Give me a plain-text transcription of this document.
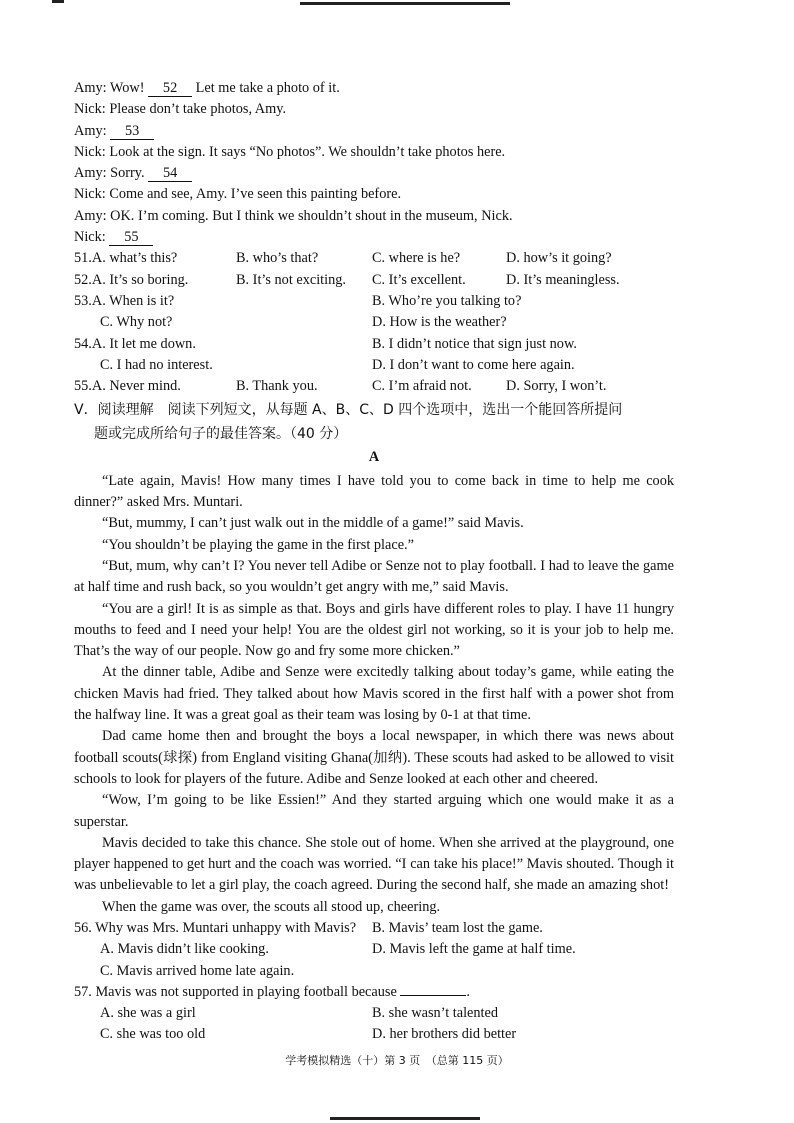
Amy: Wow! 52 Let me take a photo of it.
Nick: Please don’t take photos, Amy.
Amy: 53
Nick: Look at the sign. It says “No photos”. We shouldn’t take photos here.
Amy: Sorry. 54
Nick: Come and see, Amy. I’ve seen this painting before.
Amy: OK. I’m coming. But I think we shouldn’t shout in the museum, Nick.
Nick: 55
51.A. what’s this?	B. who’s that?	C. where is he?	D. how’s it going?
52.A. It’s so boring.	B. It’s not exciting.	C. It’s excellent.	D. It’s meaningless.
53.A. When is it?	B. Who’re you talking to?
C. Why not?	D. How is the weather?
54.A. It let me down.	B. I didn’t notice that sign just now.
C. I had no interest.	D. I don’t want to come here again.
55.A. Never mind.	B. Thank you.	C. I’m afraid not.	D. Sorry, I won’t.
V．阅读理解　阅读下列短文，从每题 A、B、C、D 四个选项中，选出一个能回答所提问
题或完成所给句子的最佳答案。（40 分）
A
“Late again, Mavis! How many times I have told you to come back in time to help me cook dinner?” asked Mrs. Muntari.
“But, mummy, I can’t just walk out in the middle of a game!” said Mavis.
“You shouldn’t be playing the game in the first place.”
“But, mum, why can’t I? You never tell Adibe or Senze not to play football. I had to leave the game at half time and rush back, so you wouldn’t get angry with me,” said Mavis.
“You are a girl! It is as simple as that. Boys and girls have different roles to play. I have 11 hungry mouths to feed and I need your help! You are the oldest girl not working, so it is your job to help me. That’s the way of our people. Now go and fry some more chicken.”
At the dinner table, Adibe and Senze were excitedly talking about today’s game, while eating the chicken Mavis had fried. They talked about how Mavis scored in the first half with a power shot from the halfway line. It was a great goal as their team was losing by 0-1 at that time.
Dad came home then and brought the boys a local newspaper, in which there was news about football scouts(球探) from England visiting Ghana(加纳). These scouts had asked to be allowed to visit schools to look for players of the future. Adibe and Senze looked at each other and cheered.
“Wow, I’m going to be like Essien!” And they started arguing which one would make it as a superstar.
Mavis decided to take this chance. She stole out of home. When she arrived at the playground, one player happened to get hurt and the coach was worried. “I can take his place!” Mavis shouted. Though it was unbelievable to let a girl play, the coach agreed. During the second half, she made an amazing shot!
When the game was over, the scouts all stood up, cheering.
56. Why was Mrs. Muntari unhappy with Mavis?	B. Mavis’ team lost the game.
A. Mavis didn’t like cooking.	D. Mavis left the game at half time.
C. Mavis arrived home late again.
57. Mavis was not supported in playing football because	.
A. she was a girl	B. she wasn’t talented
C. she was too old	D. her brothers did better
学考模拟精选（十）第 3 页　（总第 115 页）
